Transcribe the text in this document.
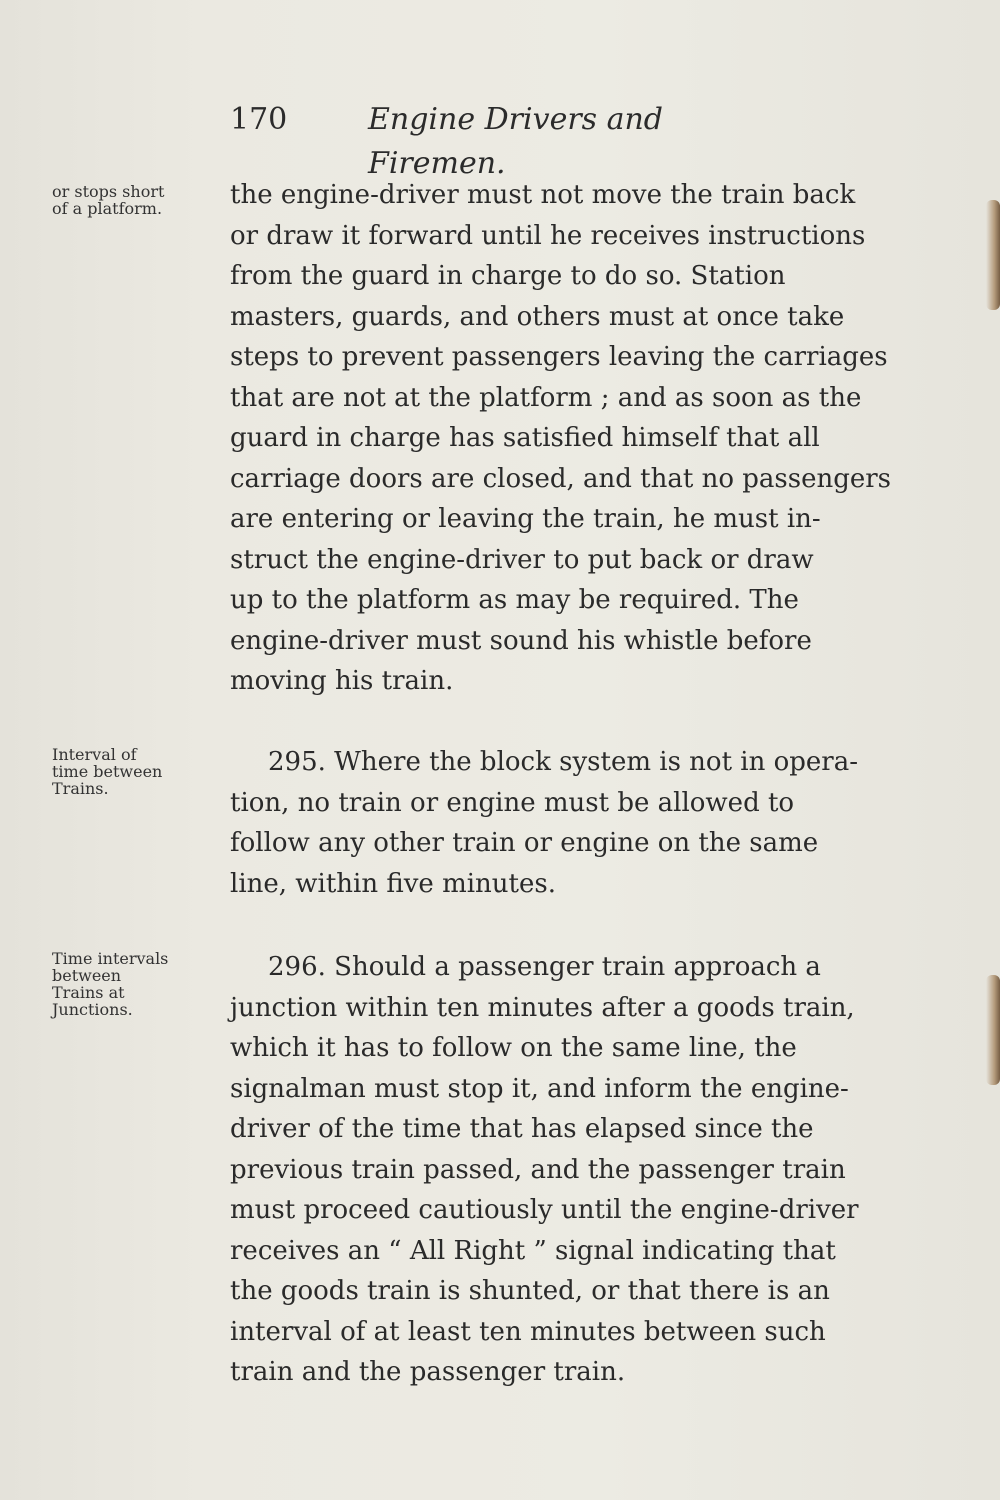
170	Engine Drivers and Firemen.
or stops short
of a platform.
Interval of
time between
Trains.
Time intervals
between
Trains at
Junctions.

the engine-driver must not move the train back
or draw it forward until he receives instructions
from the guard in charge to do so. Station
masters, guards, and others must at once take
steps to prevent passengers leaving the carriages
that are not at the platform ; and as soon as the
guard in charge has satisfied himself that all
carriage doors are closed, and that no passengers
are entering or leaving the train, he must in-
struct the engine-driver to put back or draw
up to the platform as may be required. The
engine-driver must sound his whistle before
moving his train.

295. Where the block system is not in opera-
tion, no train or engine must be allowed to
follow any other train or engine on the same
line, within five minutes.

296. Should a passenger train approach a
junction within ten minutes after a goods train,
which it has to follow on the same line, the
signalman must stop it, and inform the engine-
driver of the time that has elapsed since the
previous train passed, and the passenger train
must proceed cautiously until the engine-driver
receives an “ All Right ” signal indicating that
the goods train is shunted, or that there is an
interval of at least ten minutes between such
train and the passenger train.
